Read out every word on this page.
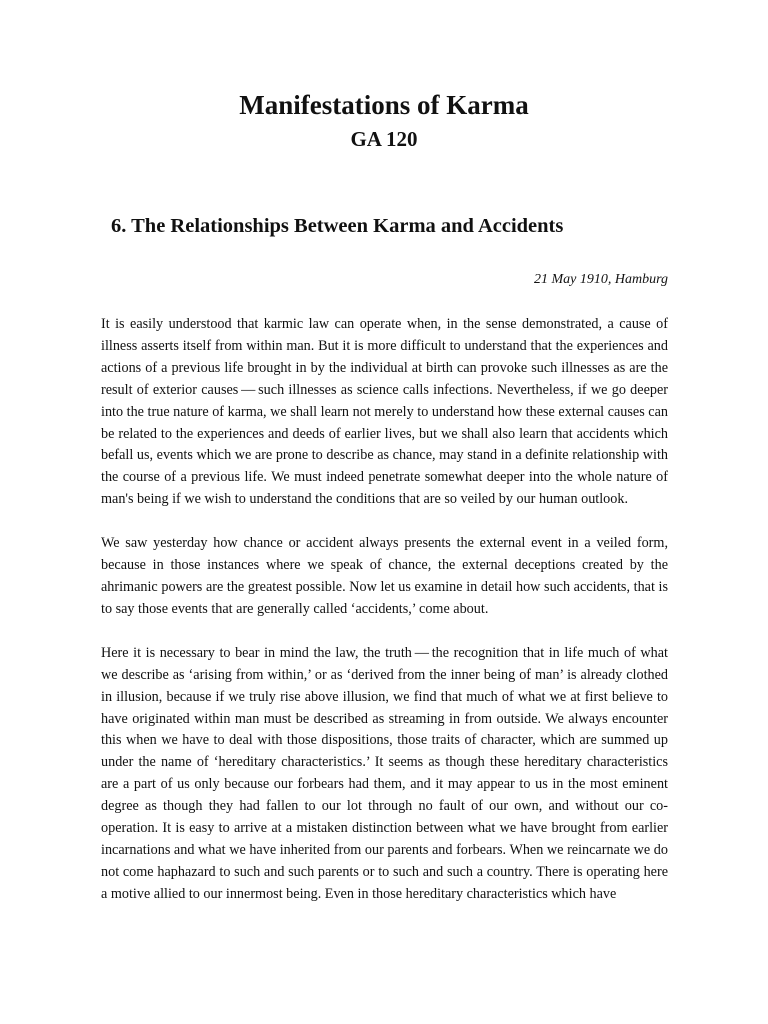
Manifestations of Karma
GA 120
6. The Relationships Between Karma and Accidents

21 May 1910, Hamburg

It is easily understood that karmic law can operate when, in the sense demonstrated, a cause of illness asserts itself from within man. But it is more difficult to understand that the experiences and actions of a previous life brought in by the individual at birth can provoke such illnesses as are the result of exterior causes — such illnesses as science calls infections. Nevertheless, if we go deeper into the true nature of karma, we shall learn not merely to understand how these external causes can be related to the experiences and deeds of earlier lives, but we shall also learn that accidents which befall us, events which we are prone to describe as chance, may stand in a definite relationship with the course of a previous life. We must indeed penetrate somewhat deeper into the whole nature of man's being if we wish to understand the conditions that are so veiled by our human outlook.

We saw yesterday how chance or accident always presents the external event in a veiled form, because in those instances where we speak of chance, the external deceptions created by the ahrimanic powers are the greatest possible. Now let us examine in detail how such accidents, that is to say those events that are generally called ‘accidents,’ come about.

Here it is necessary to bear in mind the law, the truth — the recognition that in life much of what we describe as ‘arising from within,’ or as ‘derived from the inner being of man’ is already clothed in illusion, because if we truly rise above illusion, we find that much of what we at first believe to have originated within man must be described as streaming in from outside. We always encounter this when we have to deal with those dispositions, those traits of character, which are summed up under the name of ‘hereditary characteristics.’ It seems as though these hereditary characteristics are a part of us only because our forbears had them, and it may appear to us in the most eminent degree as though they had fallen to our lot through no fault of our own, and without our co-operation. It is easy to arrive at a mistaken distinction between what we have brought from earlier incarnations and what we have inherited from our parents and forbears. When we reincarnate we do not come haphazard to such and such parents or to such and such a country. There is operating here a motive allied to our innermost being. Even in those hereditary characteristics which have
